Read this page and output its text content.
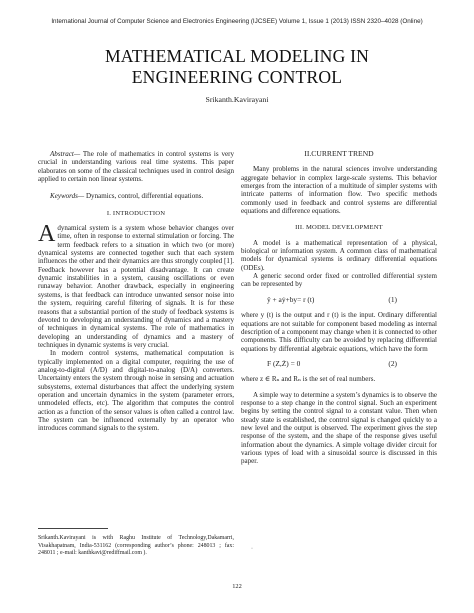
International Journal of Computer Science and Electronics Engineering (IJCSEE) Volume 1, Issue 1 (2013) ISSN 2320–4028 (Online)
MATHEMATICAL MODELING IN
ENGINEERING CONTROL
Srikanth.Kavirayani

Abstract— The role of mathematics in control systems is very crucial in understanding various real time systems. This paper elaborates on some of the classical techniques used in control design applied to certain non linear systems.

Keywords— Dynamics, control, differential equations.

I. INTRODUCTION

A dynamical system is a system whose behavior changes over time, often in response to external stimulation or forcing. The term feedback refers to a situation in which two (or more) dynamical systems are connected together such that each system influences the other and their dynamics are thus strongly coupled [1]. Feedback however has a potential disadvantage. It can create dynamic instabilities in a system, causing oscillations or even runaway behavior. Another drawback, especially in engineering systems, is that feedback can introduce unwanted sensor noise into the system, requiring careful filtering of signals. It is for these reasons that a substantial portion of the study of feedback systems is devoted to developing an understanding of dynamics and a mastery of techniques in dynamical systems. The role of mathematics in developing an understanding of dynamics and a mastery of techniques in dynamic systems is very crucial.

In modern control systems, mathematical computation is typically implemented on a digital computer, requiring the use of analog-to-digital (A/D) and digital-to-analog (D/A) converters. Uncertainty enters the system through noise in sensing and actuation subsystems, external disturbances that affect the underlying system operation and uncertain dynamics in the system (parameter errors, unmodeled effects, etc). The algorithm that computes the control action as a function of the sensor values is often called a control law. The system can be influenced externally by an operator who introduces command signals to the system.

II.CURRENT TREND

Many problems in the natural sciences involve understanding aggregate behavior in complex large-scale systems. This behavior emerges from the interaction of a multitude of simpler systems with intricate patterns of information flow. Two specific methods commonly used in feedback and control systems are differential equations and difference equations.

III. MODEL DEVELOPMENT

A model is a mathematical representation of a physical, biological or information system. A common class of mathematical models for dynamical systems is ordinary differential equations (ODEs).

A generic second order fixed or controlled differential system can be represented by

ÿ + aẏ+by= r (t)	(1)

where y (t) is the output and r (t) is the input. Ordinary differential equations are not suitable for component based modeling as internal description of a component may change when it is connected to other components. This difficulty can be avoided by replacing differential equations by differential algebraic equations, which have the form

F (Z,Ż) = 0	(2)

where z ∈ Rₙ and Rₙ is the set of real numbers.

A simple way to determine a system’s dynamics is to observe the response to a step change in the control signal. Such an experiment begins by setting the control signal to a constant value. Then when steady state is established, the control signal is changed quickly to a new level and the output is observed. The experiment gives the step response of the system, and the shape of the response gives useful information about the dynamics. A simple voltage divider circuit for various types of load with a sinusoidal source is discussed in this paper.

Srikanth.Kavirayani is with Raghu Institute of Technology,Dakamarri, Visakhapatnam, India-531162 (corresponding author’s phone: 248013 ; fax: 248011 ; e-mail: kanthkavi@rediffmail.com ).
·
122
